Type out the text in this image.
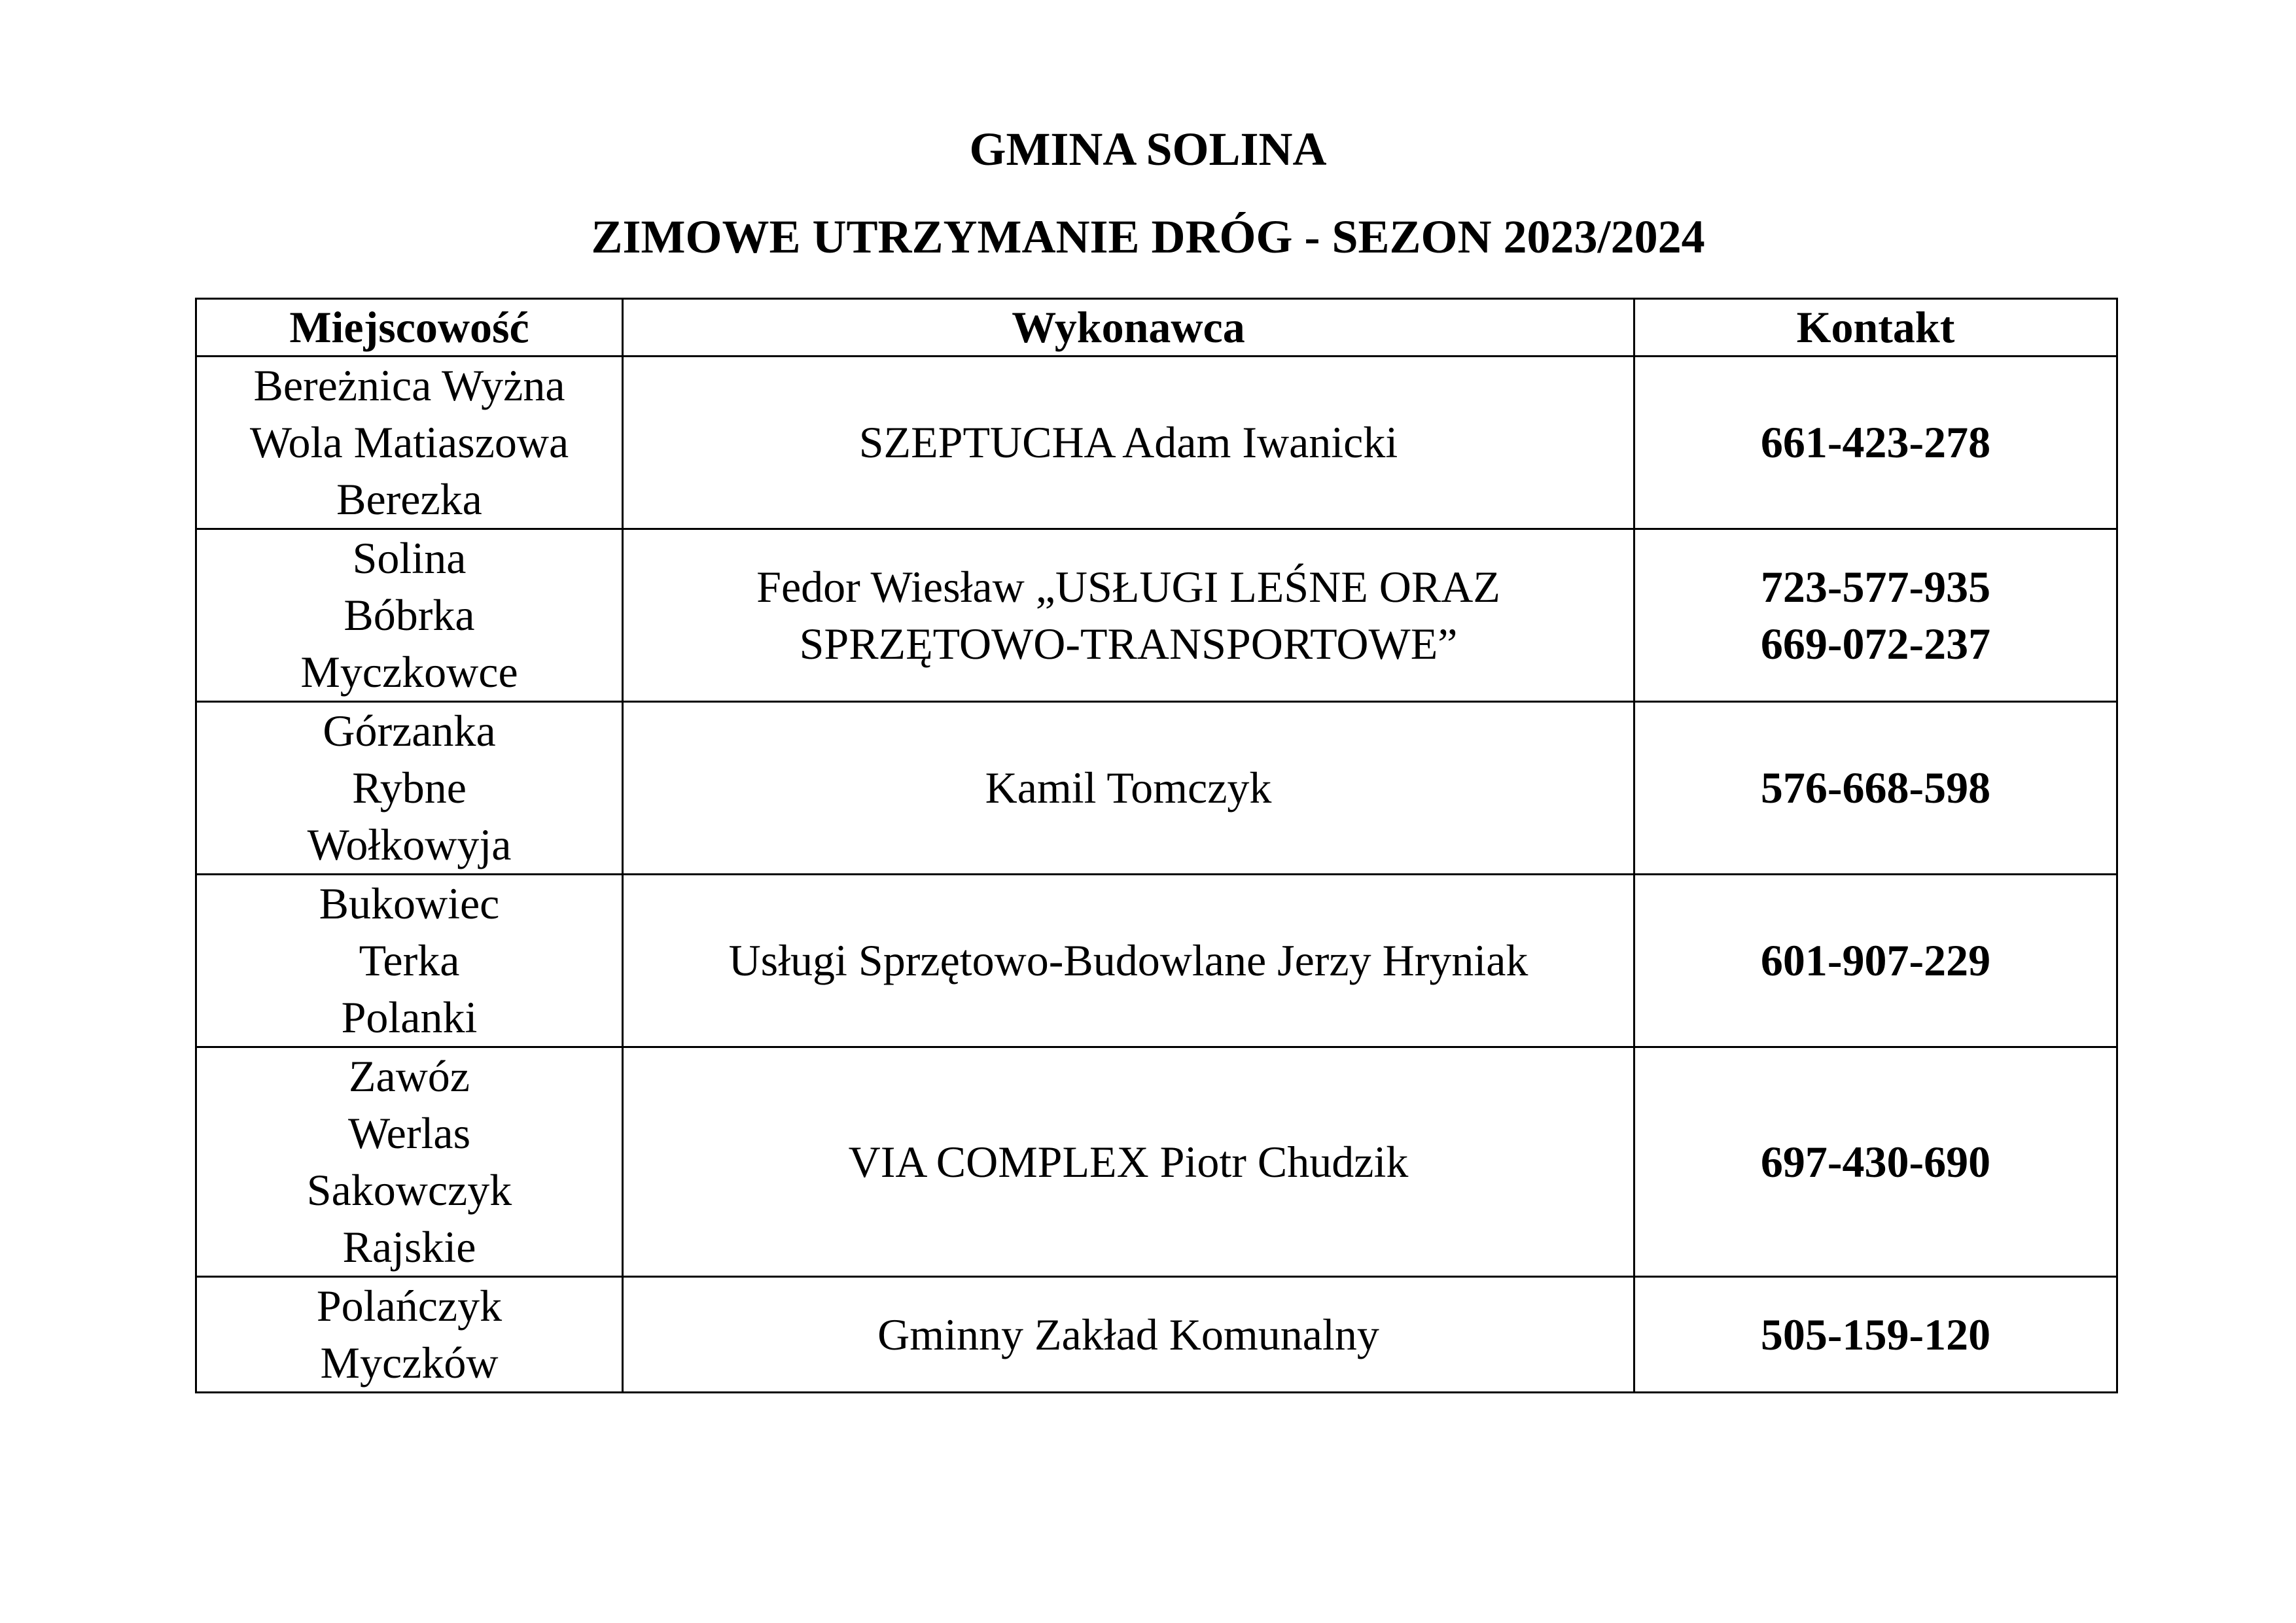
GMINA SOLINA
ZIMOWE UTRZYMANIE DRÓG - SEZON 2023/2024
Miejscowość	Wykonawca	Kontakt

Bereżnica Wyżna
Wola Matiaszowa
Berezka	SZEPTUCHA Adam Iwanicki	661-423-278

Solina
Bóbrka
Myczkowce	Fedor Wiesław „USŁUGI LEŚNE ORAZ
SPRZĘTOWO-TRANSPORTOWE”	723-577-935
669-072-237

Górzanka
Rybne
Wołkowyja	Kamil Tomczyk	576-668-598

Bukowiec
Terka
Polanki	Usługi Sprzętowo-Budowlane Jerzy Hryniak	601-907-229

Zawóz
Werlas
Sakowczyk
Rajskie	VIA COMPLEX Piotr Chudzik	697-430-690

Polańczyk
Myczków	Gminny Zakład Komunalny	505-159-120
